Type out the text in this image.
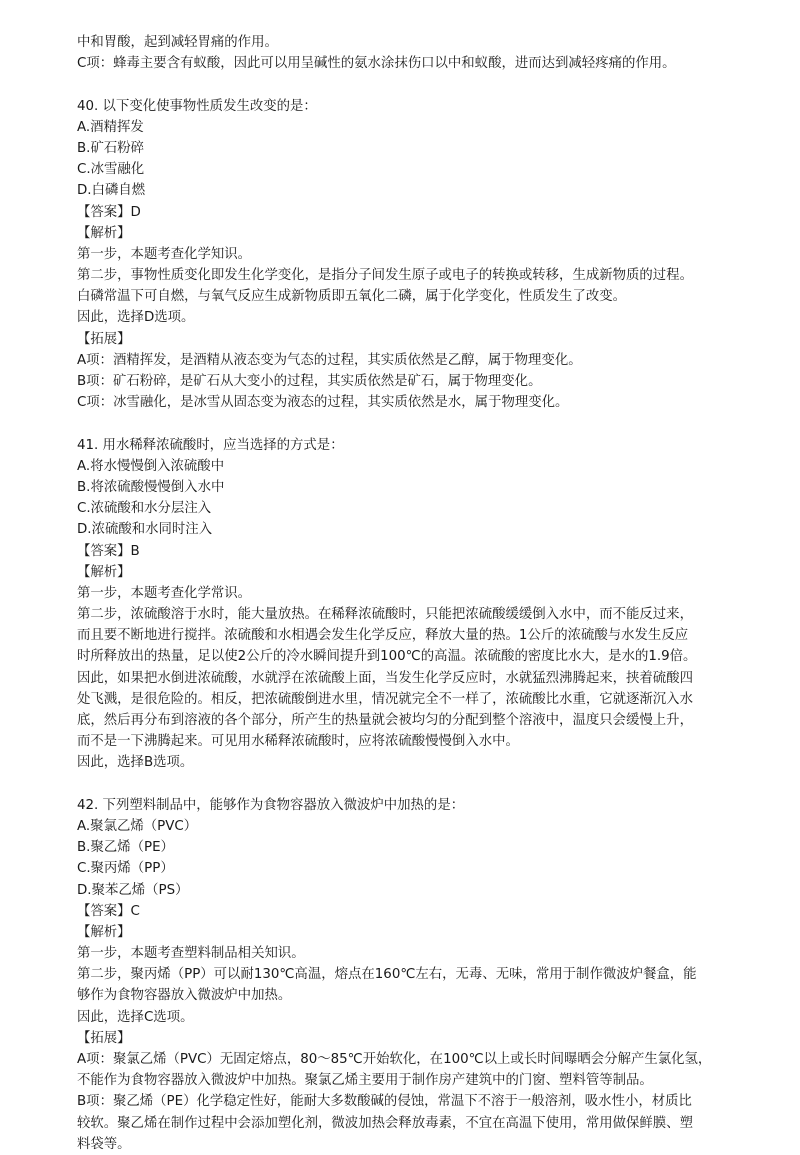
中和胃酸，起到减轻胃痛的作用。
C项：蜂毒主要含有蚁酸，因此可以用呈碱性的氨水涂抹伤口以中和蚁酸，进而达到减轻疼痛的作用。
40. 以下变化使事物性质发生改变的是：
A.酒精挥发
B.矿石粉碎
C.冰雪融化
D.白磷自燃
【答案】D
【解析】
第一步，本题考查化学知识。
第二步，事物性质变化即发生化学变化，是指分子间发生原子或电子的转换或转移，生成新物质的过程。
白磷常温下可自燃，与氧气反应生成新物质即五氧化二磷，属于化学变化，性质发生了改变。
因此，选择D选项。
【拓展】
A项：酒精挥发，是酒精从液态变为气态的过程，其实质依然是乙醇，属于物理变化。
B项：矿石粉碎，是矿石从大变小的过程，其实质依然是矿石，属于物理变化。
C项：冰雪融化，是冰雪从固态变为液态的过程，其实质依然是水，属于物理变化。
41. 用水稀释浓硫酸时，应当选择的方式是：
A.将水慢慢倒入浓硫酸中
B.将浓硫酸慢慢倒入水中
C.浓硫酸和水分层注入
D.浓硫酸和水同时注入
【答案】B
【解析】
第一步，本题考查化学常识。
第二步，浓硫酸溶于水时，能大量放热。在稀释浓硫酸时，只能把浓硫酸缓缓倒入水中，而不能反过来，
而且要不断地进行搅拌。浓硫酸和水相遇会发生化学反应，释放大量的热。1公斤的浓硫酸与水发生反应
时所释放出的热量，足以使2公斤的冷水瞬间提升到100℃的高温。浓硫酸的密度比水大，是水的1.9倍。
因此，如果把水倒进浓硫酸，水就浮在浓硫酸上面，当发生化学反应时，水就猛烈沸腾起来，挟着硫酸四
处飞溅，是很危险的。相反，把浓硫酸倒进水里，情况就完全不一样了，浓硫酸比水重，它就逐渐沉入水
底，然后再分布到溶液的各个部分，所产生的热量就会被均匀的分配到整个溶液中，温度只会缓慢上升，
而不是一下沸腾起来。可见用水稀释浓硫酸时，应将浓硫酸慢慢倒入水中。
因此，选择B选项。
42. 下列塑料制品中，能够作为食物容器放入微波炉中加热的是：
A.聚氯乙烯（PVC）
B.聚乙烯（PE）
C.聚丙烯（PP）
D.聚苯乙烯（PS）
【答案】C
【解析】
第一步，本题考查塑料制品相关知识。
第二步，聚丙烯（PP）可以耐130℃高温，熔点在160℃左右，无毒、无味，常用于制作微波炉餐盒，能
够作为食物容器放入微波炉中加热。
因此，选择C选项。
【拓展】
A项：聚氯乙烯（PVC）无固定熔点，80～85℃开始软化，在100℃以上或长时间曝晒会分解产生氯化氢，
不能作为食物容器放入微波炉中加热。聚氯乙烯主要用于制作房产建筑中的门窗、塑料管等制品。
B项：聚乙烯（PE）化学稳定性好，能耐大多数酸碱的侵蚀，常温下不溶于一般溶剂，吸水性小，材质比
较软。聚乙烯在制作过程中会添加塑化剂，微波加热会释放毒素，不宜在高温下使用，常用做保鲜膜、塑
料袋等。
